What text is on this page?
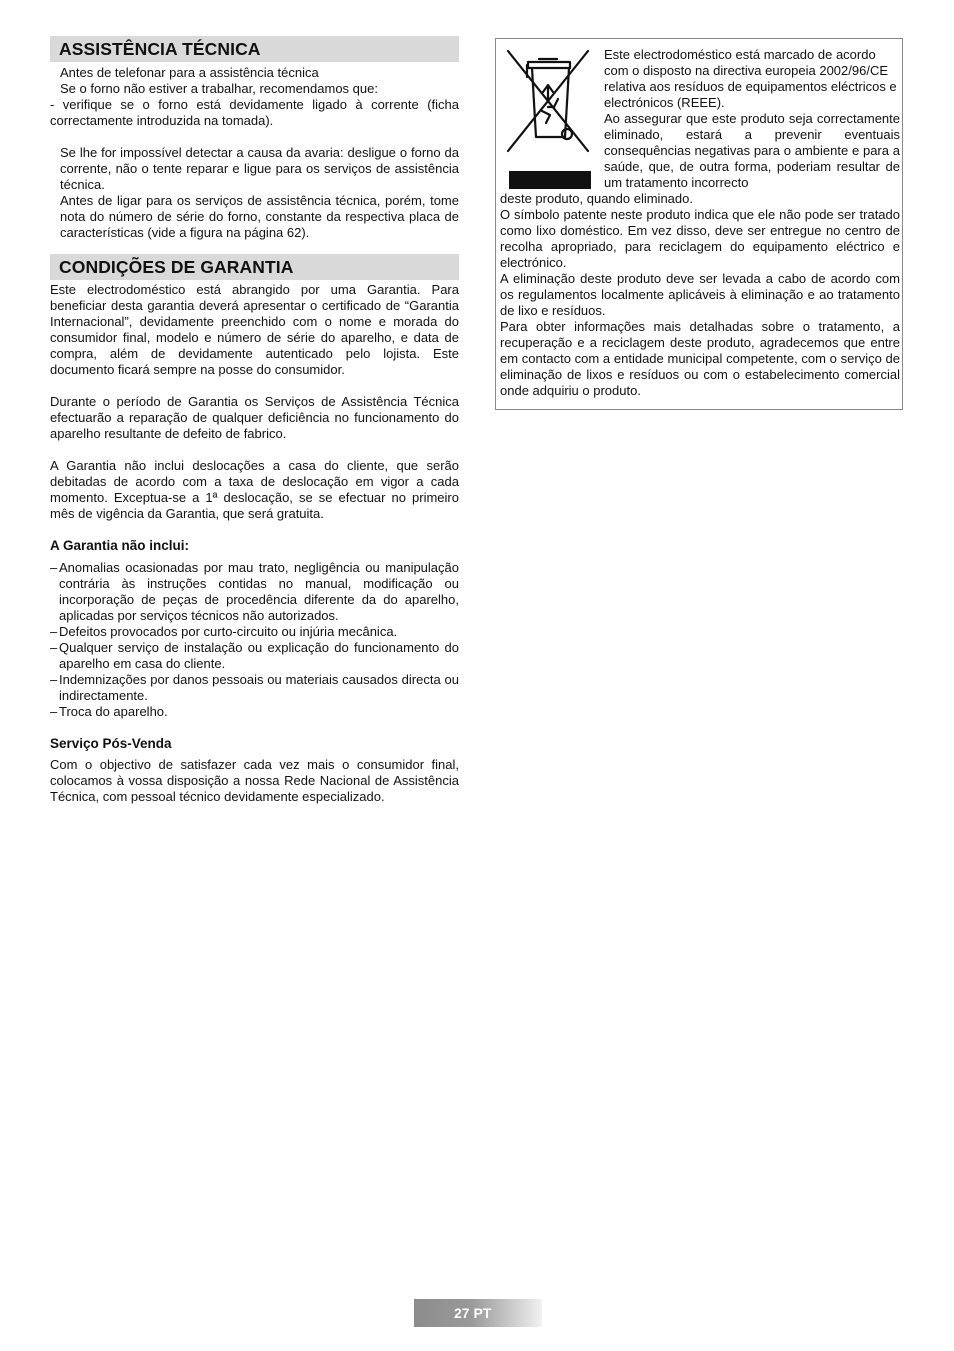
ASSISTÊNCIA TÉCNICA

Antes de telefonar para a assistência técnica

Se o forno não estiver a trabalhar, recomendamos que:

- verifique se o forno está devidamente ligado à corrente (ficha correctamente introduzida na tomada).

Se lhe for impossível detectar a causa da avaria: desligue o forno da corrente, não o tente reparar e ligue para os serviços de assistência técnica.

Antes de ligar para os serviços de assistência técnica, porém, tome nota do número de série do forno, constante da respectiva placa de características (vide a figura na página 62).

CONDIÇÕES DE GARANTIA

Este electrodoméstico está abrangido por uma Garantia. Para beneficiar desta garantia deverá apresentar o certificado de “Garantia Internacional”, devidamente preenchido com o nome e morada do consumidor final, modelo e número de série do aparelho, e data de compra, além de devidamente autenticado pelo lojista. Este documento ficará sempre na posse do consumidor.

Durante o período de Garantia os Serviços de Assistência Técnica efectuarão a reparação de qualquer deficiência no funcionamento do aparelho resultante de defeito de fabrico.

A Garantia não inclui deslocações a casa do cliente, que serão debitadas de acordo com a taxa de deslocação em vigor a cada momento. Exceptua-se a 1ª deslocação, se se efectuar no primeiro mês de vigência da Garantia, que será gratuita.

A Garantia não inclui:

– Anomalias ocasionadas por mau trato, negligência ou manipulação contrária às instruções contidas no manual, modificação ou incorporação de peças de procedência diferente da do aparelho, aplicadas por serviços técnicos não autorizados.
– Defeitos provocados por curto-circuito ou injúria mecânica.
– Qualquer serviço de instalação ou explicação do funcionamento do aparelho em casa do cliente.
– Indemnizações por danos pessoais ou materiais causados directa ou indirectamente.
– Troca do aparelho.

Serviço Pós-Venda

Com o objectivo de satisfazer cada vez mais o consumidor final, colocamos à vossa disposição a nossa Rede Nacional de Assistência Técnica, com pessoal técnico devidamente especializado.

Este electrodoméstico está marcado de acordo com o disposto na directiva europeia 2002/96/CE relativa aos resíduos de equipamentos eléctricos e electrónicos (REEE).

Ao assegurar que este produto seja correctamente eliminado, estará a prevenir eventuais consequências negativas para o ambiente e para a saúde, que, de outra forma, poderiam resultar de um tratamento incorrecto

deste produto, quando eliminado.

O símbolo patente neste produto indica que ele não pode ser tratado como lixo doméstico. Em vez disso, deve ser entregue no centro de recolha apropriado, para reciclagem do equipamento eléctrico e electrónico.

A eliminação deste produto deve ser levada a cabo de acordo com os regulamentos localmente aplicáveis à eliminação e ao tratamento de lixo e resíduos.

Para obter informações mais detalhadas sobre o tratamento, a recuperação e a reciclagem deste produto, agradecemos que entre em contacto com a entidade municipal competente, com o serviço de eliminação de lixos e resíduos ou com o estabelecimento comercial onde adquiriu o produto.

27 PT
